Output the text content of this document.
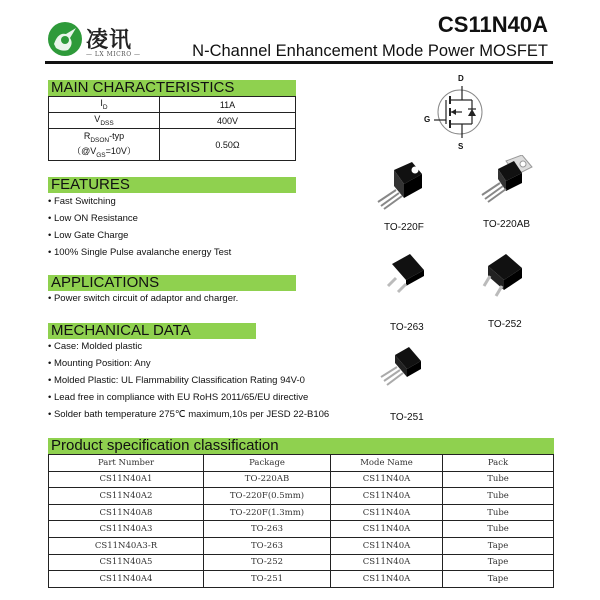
凌讯
— LX MICRO —
CS11N40A
N-Channel Enhancement Mode Power MOSFET
MAIN CHARACTERISTICS
$I_D$	11A
$V_{DSS}$	400V
$R_{DSON}$-typ
$(@V_{GS}=10V)$	0.50Ω
FEATURES
• Fast Switching
• Low ON Resistance
• Low Gate Charge
• 100% Single Pulse avalanche energy Test
APPLICATIONS
• Power switch circuit of adaptor and charger.
MECHANICAL DATA
• Case: Molded plastic
• Mounting Position: Any
• Molded Plastic: UL Flammability Classification Rating 94V-0
• Lead free in compliance with EU RoHS 2011/65/EU directive
• Solder bath temperature 275℃ maximum,10s per JESD 22-B106
D
G
S
TO-220F	TO-220AB
TO-263	TO-252
TO-251
Product specification classification
Part Number	Package	Mode Name	Pack
CS11N40A1	TO-220AB	CS11N40A	Tube
CS11N40A2	TO-220F(0.5mm)	CS11N40A	Tube
CS11N40A8	TO-220F(1.3mm)	CS11N40A	Tube
CS11N40A3	TO-263	CS11N40A	Tube
CS11N40A3-R	TO-263	CS11N40A	Tape
CS11N40A5	TO-252	CS11N40A	Tape
CS11N40A4	TO-251	CS11N40A	Tape
